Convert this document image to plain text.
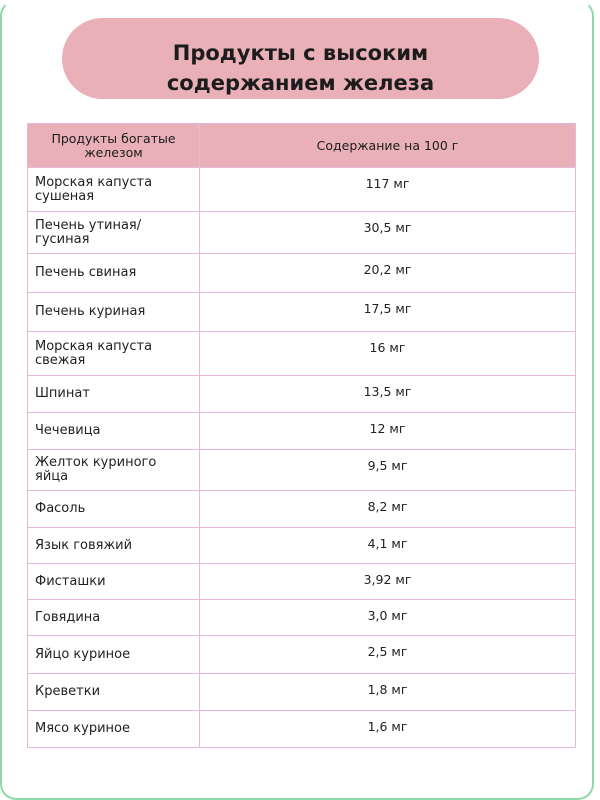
Продукты с высоким содержанием железа
Продукты богатые железом	Содержание на 100 г
Морская капуста сушеная	117 мг
Печень утиная/гусиная	30,5 мг
Печень свиная	20,2 мг
Печень куриная	17,5 мг
Морская капуста свежая	16 мг
Шпинат	13,5 мг
Чечевица	12 мг
Желток куриного яйца	9,5 мг
Фасоль	8,2 мг
Язык говяжий	4,1 мг
Фисташки	3,92 мг
Говядина	3,0 мг
Яйцо куриное	2,5 мг
Креветки	1,8 мг
Мясо куриное	1,6 мг
